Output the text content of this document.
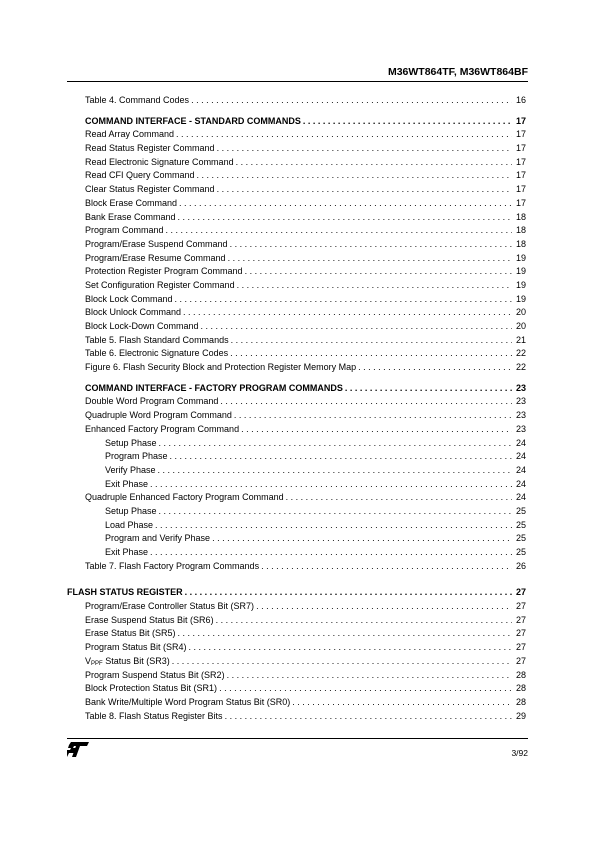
M36WT864TF, M36WT864BF
Table 4. Command Codes . . .	16
COMMAND INTERFACE - STANDARD COMMANDS . . .	17
Read Array Command . . .	17
Read Status Register Command . . .	17
Read Electronic Signature Command . . .	17
Read CFI Query Command . . .	17
Clear Status Register Command . . .	17
Block Erase Command . . .	17
Bank Erase Command . . .	18
Program Command . . .	18
Program/Erase Suspend Command . . .	18
Program/Erase Resume Command . . .	19
Protection Register Program Command . . .	19
Set Configuration Register Command . . .	19
Block Lock Command . . .	19
Block Unlock Command . . .	20
Block Lock-Down Command . . .	20
Table 5. Flash Standard Commands . . .	21
Table 6. Electronic Signature Codes . . .	22
Figure 6. Flash Security Block and Protection Register Memory Map . . .	22
COMMAND INTERFACE - FACTORY PROGRAM COMMANDS . . .	23
Double Word Program Command . . .	23
Quadruple Word Program Command . . .	23
Enhanced Factory Program Command . . .	23
Setup Phase . . .	24
Program Phase . . .	24
Verify Phase . . .	24
Exit Phase . . .	24
Quadruple Enhanced Factory Program Command . . .	24
Setup Phase . . .	25
Load Phase . . .	25
Program and Verify Phase . . .	25
Exit Phase . . .	25
Table 7. Flash Factory Program Commands . . .	26
FLASH STATUS REGISTER . . .	27
Program/Erase Controller Status Bit (SR7) . . .	27
Erase Suspend Status Bit (SR6) . . .	27
Erase Status Bit (SR5) . . .	27
Program Status Bit (SR4) . . .	27
$V_{PPF}$ Status Bit (SR3) . . .	27
Program Suspend Status Bit (SR2) . . .	28
Block Protection Status Bit (SR1) . . .	28
Bank Write/Multiple Word Program Status Bit (SR0) . . .	28
Table 8. Flash Status Register Bits . . .	29
3/92
